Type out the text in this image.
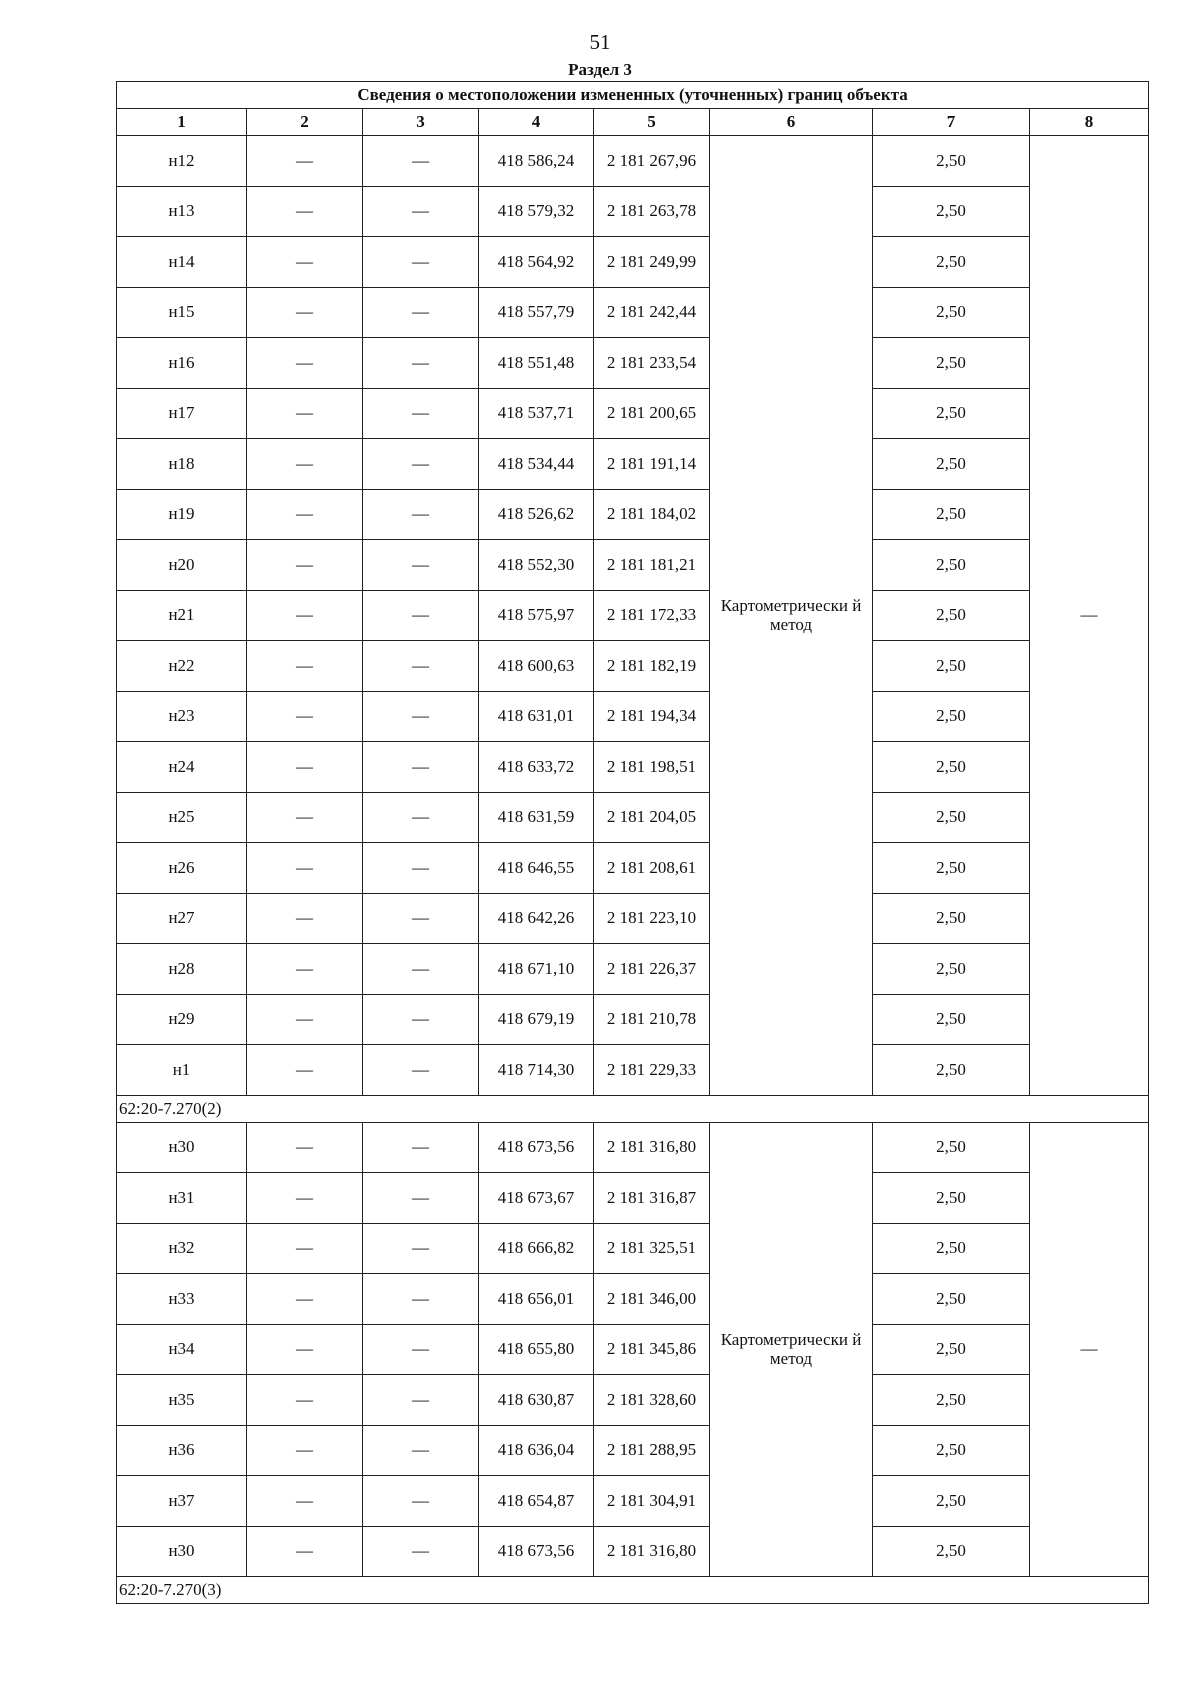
51
Раздел 3
Сведения о местоположении измененных (уточненных) границ объекта							
1	2	3	4	5	6	7	8
н12	—	—	418 586,24	2 181 267,96	Картометрически й метод	2,50	—
н13	—	—	418 579,32	2 181 263,78		2,50	
н14	—	—	418 564,92	2 181 249,99		2,50	
н15	—	—	418 557,79	2 181 242,44		2,50	
н16	—	—	418 551,48	2 181 233,54		2,50	
н17	—	—	418 537,71	2 181 200,65		2,50	
н18	—	—	418 534,44	2 181 191,14		2,50	
н19	—	—	418 526,62	2 181 184,02		2,50	
н20	—	—	418 552,30	2 181 181,21		2,50	
н21	—	—	418 575,97	2 181 172,33		2,50	
н22	—	—	418 600,63	2 181 182,19		2,50	
н23	—	—	418 631,01	2 181 194,34		2,50	
н24	—	—	418 633,72	2 181 198,51		2,50	
н25	—	—	418 631,59	2 181 204,05		2,50	
н26	—	—	418 646,55	2 181 208,61		2,50	
н27	—	—	418 642,26	2 181 223,10		2,50	
н28	—	—	418 671,10	2 181 226,37		2,50	
н29	—	—	418 679,19	2 181 210,78		2,50	
н1	—	—	418 714,30	2 181 229,33		2,50	
62:20-7.270(2)							
н30	—	—	418 673,56	2 181 316,80	Картометрически й метод	2,50	—
н31	—	—	418 673,67	2 181 316,87		2,50	
н32	—	—	418 666,82	2 181 325,51		2,50	
н33	—	—	418 656,01	2 181 346,00		2,50	
н34	—	—	418 655,80	2 181 345,86		2,50	
н35	—	—	418 630,87	2 181 328,60		2,50	
н36	—	—	418 636,04	2 181 288,95		2,50	
н37	—	—	418 654,87	2 181 304,91		2,50	
н30	—	—	418 673,56	2 181 316,80		2,50	
62:20-7.270(3)							
